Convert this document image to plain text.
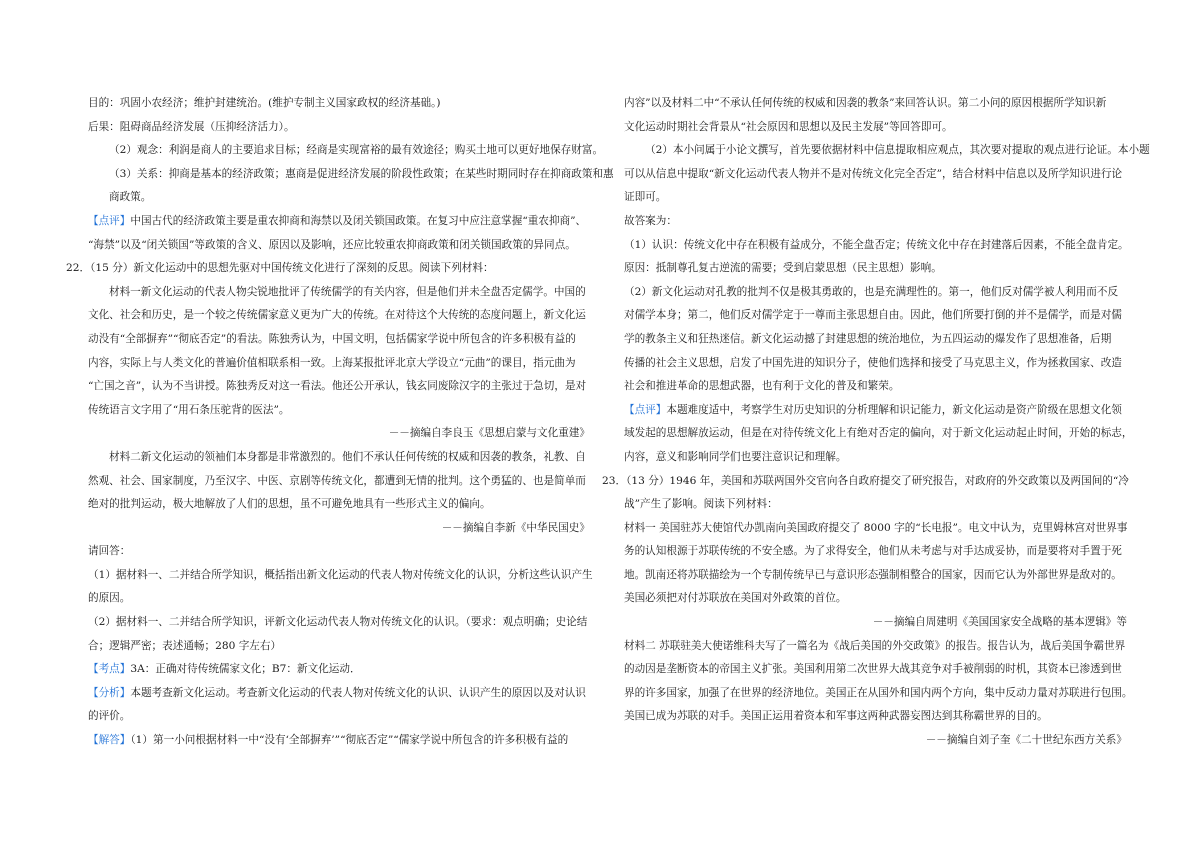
目的：巩固小农经济；维护封建统治。(维护专制主义国家政权的经济基础。)
后果：阻碍商品经济发展（压抑经济活力）。
（2）观念：利润是商人的主要追求目标；经商是实现富裕的最有效途径；购买土地可以更好地保存财富。
（3）关系：抑商是基本的经济政策；惠商是促进经济发展的阶段性政策；在某些时期同时存在抑商政策和惠
商政策。
【点评】中国古代的经济政策主要是重农抑商和海禁以及闭关锁国政策。在复习中应注意掌握“重农抑商”、
“海禁”以及“闭关锁国”等政策的含义、原因以及影响，还应比较重农抑商政策和闭关锁国政策的异同点。
22．（15 分）新文化运动中的思想先驱对中国传统文化进行了深刻的反思。阅读下列材料：
材料一新文化运动的代表人物尖锐地批评了传统儒学的有关内容，但是他们并未全盘否定儒学。中国的
文化、社会和历史，是一个较之传统儒家意义更为广大的传统。在对待这个大传统的态度问题上，新文化运
动没有“全部摒弃”“彻底否定”的看法。陈独秀认为，中国文明，包括儒家学说中所包含的许多积极有益的
内容，实际上与人类文化的普遍价值相联系相一致。上海某报批评北京大学设立“元曲”的课目，指元曲为
“亡国之音”，认为不当讲授。陈独秀反对这一看法。他还公开承认，钱玄同废除汉字的主张过于急切，是对
传统语言文字用了“用石条压驼背的医法”。
－－摘编自李良玉《思想启蒙与文化重建》
材料二新文化运动的领袖们本身都是非常激烈的。他们不承认任何传统的权威和因袭的教条，礼教、自
然观、社会、国家制度，乃至汉字、中医、京剧等传统文化，都遭到无情的批判。这个勇猛的、也是简单而
绝对的批判运动，极大地解放了人们的思想，虽不可避免地具有一些形式主义的偏向。
－－摘编自李新《中华民国史》
请回答：
（1）据材料一、二并结合所学知识，概括指出新文化运动的代表人物对传统文化的认识，分析这些认识产生
的原因。
（2）据材料一、二并结合所学知识，评新文化运动代表人物对传统文化的认识。（要求：观点明确；史论结
合；逻辑严密；表述通畅；280 字左右）
【考点】3A：正确对待传统儒家文化；B7：新文化运动．
【分析】本题考查新文化运动。考查新文化运动的代表人物对传统文化的认识、认识产生的原因以及对认识
的评价。
【解答】（1）第一小问根据材料一中“没有‘全部摒弃’”“彻底否定”“儒家学说中所包含的许多积极有益的
内容”以及材料二中“不承认任何传统的权威和因袭的教条”来回答认识。第二小问的原因根据所学知识新
文化运动时期社会背景从“社会原因和思想以及民主发展”等回答即可。
（2）本小问属于小论文撰写，首先要依据材料中信息提取相应观点，其次要对提取的观点进行论证。本小题
可以从信息中提取“新文化运动代表人物并不是对传统文化完全否定”，结合材料中信息以及所学知识进行论
证即可。
故答案为：
（1）认识：传统文化中存在积极有益成分，不能全盘否定；传统文化中存在封建落后因素，不能全盘肯定。
原因：抵制尊孔复古逆流的需要；受到启蒙思想（民主思想）影响。
（2）新文化运动对孔教的批判不仅是极其勇敢的，也是充满理性的。第一，他们反对儒学被人利用而不反
对儒学本身；第二，他们反对儒学定于一尊而主张思想自由。因此，他们所要打倒的并不是儒学，而是对儒
学的教条主义和狂热迷信。新文化运动撼了封建思想的统治地位，为五四运动的爆发作了思想准备，后期
传播的社会主义思想，启发了中国先进的知识分子，使他们选择和接受了马克思主义，作为拯救国家、改造
社会和推进革命的思想武器，也有利于文化的普及和繁荣。
【点评】本题难度适中，考察学生对历史知识的分析理解和识记能力，新文化运动是资产阶级在思想文化领
域发起的思想解放运动，但是在对待传统文化上有绝对否定的偏向，对于新文化运动起止时间，开始的标志，
内容，意义和影响同学们也要注意识记和理解。
23．（13 分）1946 年，美国和苏联两国外交官向各自政府提交了研究报告，对政府的外交政策以及两国间的“冷
战”产生了影响。阅读下列材料：
材料一 美国驻苏大使馆代办凯南向美国政府提交了 8000 字的“长电报”。电文中认为，克里姆林宫对世界事
务的认知根源于苏联传统的不安全感。为了求得安全，他们从未考虑与对手达成妥协，而是要将对手置于死
地。凯南还将苏联描绘为一个专制传统早已与意识形态强制相整合的国家，因而它认为外部世界是敌对的。
美国必须把对付苏联放在美国对外政策的首位。
－－摘编自周建明《美国国家安全战略的基本逻辑》等
材料二 苏联驻美大使诺维科夫写了一篇名为《战后美国的外交政策》的报告。报告认为，战后美国争霸世界
的动因是垄断资本的帝国主义扩张。美国利用第二次世界大战其竞争对手被削弱的时机，其资本已渗透到世
界的许多国家，加强了在世界的经济地位。美国正在从国外和国内两个方向，集中反动力量对苏联进行包围。
美国已成为苏联的对手。美国正运用着资本和军事这两种武器妄图达到其称霸世界的目的。
－－摘编自刘子奎《二十世纪东西方关系》
